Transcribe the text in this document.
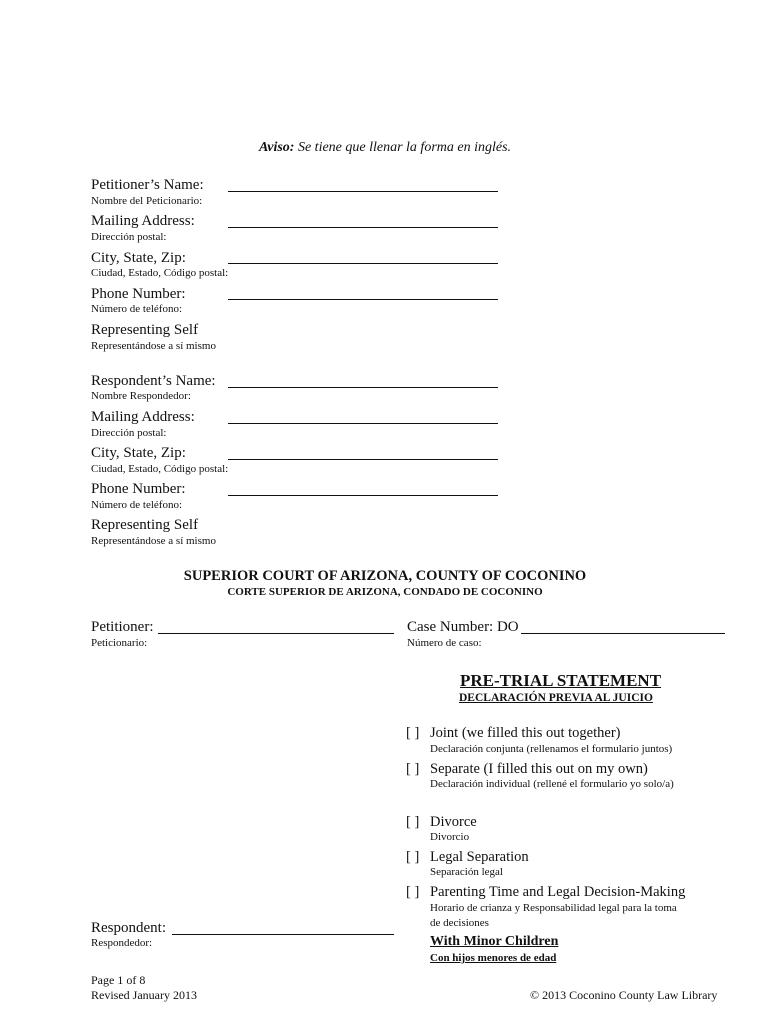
Aviso: Se tiene que llenar la forma en inglés.
Petitioner’s Name:
Nombre del Peticionario:
Mailing Address:
Dirección postal:
City, State, Zip:
Ciudad, Estado, Código postal:
Phone Number:
Número de teléfono:
Representing Self
Representándose a sí mismo
Respondent’s Name:
Nombre Respondedor:
Mailing Address:
Dirección postal:
City, State, Zip:
Ciudad, Estado, Código postal:
Phone Number:
Número de teléfono:
Representing Self
Representándose a sí mismo
SUPERIOR COURT OF ARIZONA, COUNTY OF COCONINO
CORTE SUPERIOR DE ARIZONA, CONDADO DE COCONINO
Petitioner:
Peticionario:
Case Number: DO
Número de caso:
PRE-TRIAL STATEMENT
DECLARACIÓN PREVIA AL JUICIO
[ ] Joint (we filled this out together)
Declaración conjunta (rellenamos el formulario juntos)
[ ] Separate (I filled this out on my own)
Declaración individual (rellené el formulario yo solo/a)
[ ] Divorce
Divorcio
[ ] Legal Separation
Separación legal
[ ] Parenting Time and Legal Decision-Making
Horario de crianza y Responsabilidad legal para la toma
de decisiones
With Minor Children
Con hijos menores de edad
Respondent:
Respondedor:
Page 1 of 8
Revised January 2013	© 2013 Coconino County Law Library
